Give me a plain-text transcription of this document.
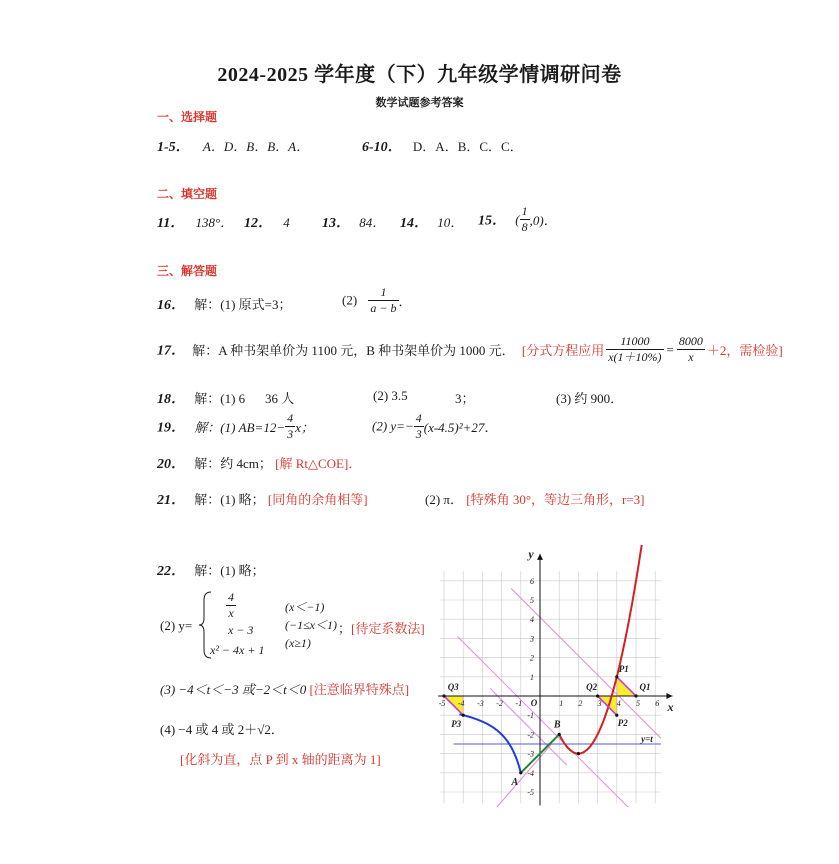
2024-2025 学年度（下）九年级学情调研问卷
数学试题参考答案
一、选择题
1-5． A．D．B．B．A．	6-10． D．A．B．C．C．
二、填空题
11． 138°． 12． 4 13． 84． 14． 10． 15． ( $\frac{1}{8} ,0$)．
三、解答题
16． 解：(1) 原式=3；	$(2) \frac{1}{a - b}$ ．
17． 解：A 种书架单价为 1100 元，B 种书架单价为 1000 元． [分式方程应用 $\frac{11000}{x(1+10\%)} = \frac{8000}{x} +2$，需检验]
18． 解：(1) 6 36 人	(2) 3.5	3；	(3) 约 900．
19． 解：(1) $AB=12- \frac{4}{3}$ x；	(2) $y=- \frac{4}{3} (x-4.5)^2+27$．
20． 解：约 4cm； [解 Rt△COE]．
21． 解：(1) 略； [同角的余角相等]	(2) π． [特殊角 30°，等边三角形，r=3]
22． 解：(1) 略；
(2) y=
$\frac{4}{x}$	(x＜−1)
x − 3	(−1≤x＜1)
x² − 4x + 1 (x≥1)
；[待定系数法]
(3) −4＜t＜−3 或−2＜t＜0 [注意临界特殊点]
(4) −4 或 4 或 2＋√2．
[化斜为直，点 P 到 x 轴的距离为 1]
-5 -4 -3 -2 -1	1 2 3 4 5 6
6
5
4
3
2
1
-1
-2
-3
-4
-5
O	x
y
A
B
P1
P2
P3
Q1
Q2
Q3
y=t
